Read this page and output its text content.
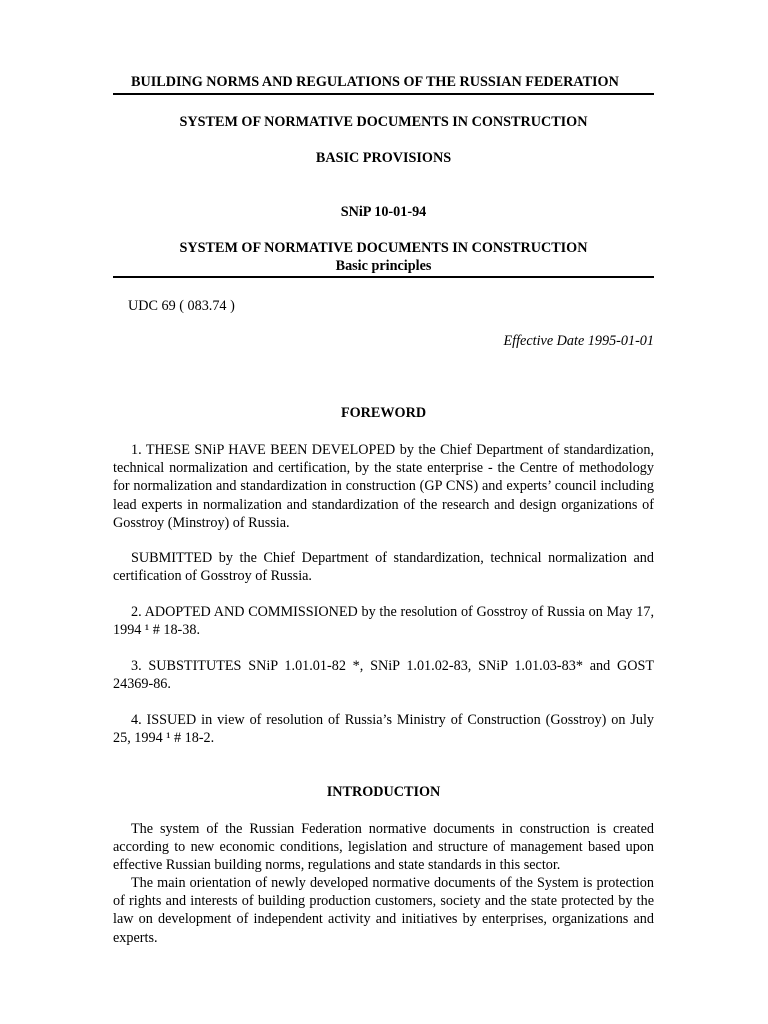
BUILDING NORMS AND REGULATIONS OF THE RUSSIAN FEDERATION
SYSTEM OF NORMATIVE DOCUMENTS IN CONSTRUCTION
BASIC PROVISIONS
SNiP 10-01-94
SYSTEM OF NORMATIVE DOCUMENTS IN CONSTRUCTION
Basic principles
UDC 69 ( 083.74 )
Effective Date 1995-01-01
FOREWORD
1. THESE SNiP HAVE BEEN DEVELOPED by the Chief Department of standardization, technical normalization and certification, by the state enterprise - the Centre of methodology for normalization and standardization in construction (GP CNS) and experts’ council including lead experts in normalization and standardization of the research and design organizations of Gosstroy (Minstroy) of Russia.
SUBMITTED by the Chief Department of standardization, technical normalization and certification of Gosstroy of Russia.
2. ADOPTED AND COMMISSIONED by the resolution of Gosstroy of Russia on May 17, 1994 ¹ # 18-38.
3. SUBSTITUTES SNiP 1.01.01-82 *, SNiP 1.01.02-83, SNiP 1.01.03-83* and GOST 24369-86.
4. ISSUED in view of resolution of Russia’s Ministry of Construction (Gosstroy) on July 25, 1994 ¹ # 18-2.
INTRODUCTION
The system of the Russian Federation normative documents in construction is created according to new economic conditions, legislation and structure of management based upon effective Russian building norms, regulations and state standards in this sector.
The main orientation of newly developed normative documents of the System is protection of rights and interests of building production customers, society and the state protected by the law on development of independent activity and initiatives by enterprises, organizations and experts.
